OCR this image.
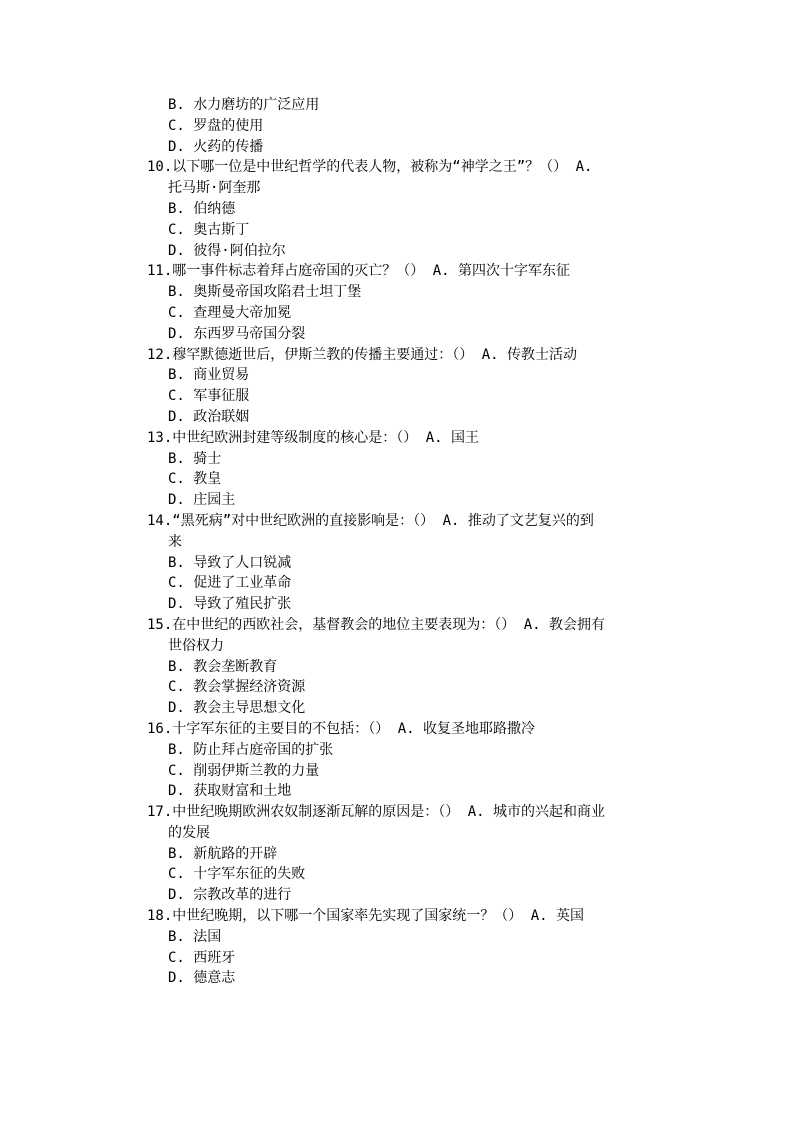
B. 水力磨坊的广泛应用
C. 罗盘的使用
D. 火药的传播
10.以下哪一位是中世纪哲学的代表人物，被称为“神学之王”？（） A.
托马斯·阿奎那
B. 伯纳德
C. 奥古斯丁
D. 彼得·阿伯拉尔
11.哪一事件标志着拜占庭帝国的灭亡？（） A. 第四次十字军东征
B. 奥斯曼帝国攻陷君士坦丁堡
C. 查理曼大帝加冕
D. 东西罗马帝国分裂
12.穆罕默德逝世后，伊斯兰教的传播主要通过：（） A. 传教士活动
B. 商业贸易
C. 军事征服
D. 政治联姻
13.中世纪欧洲封建等级制度的核心是：（） A. 国王
B. 骑士
C. 教皇
D. 庄园主
14.“黑死病”对中世纪欧洲的直接影响是：（） A. 推动了文艺复兴的到
来
B. 导致了人口锐减
C. 促进了工业革命
D. 导致了殖民扩张
15.在中世纪的西欧社会，基督教会的地位主要表现为：（） A. 教会拥有
世俗权力
B. 教会垄断教育
C. 教会掌握经济资源
D. 教会主导思想文化
16.十字军东征的主要目的不包括：（） A. 收复圣地耶路撒冷
B. 防止拜占庭帝国的扩张
C. 削弱伊斯兰教的力量
D. 获取财富和土地
17.中世纪晚期欧洲农奴制逐渐瓦解的原因是：（） A. 城市的兴起和商业
的发展
B. 新航路的开辟
C. 十字军东征的失败
D. 宗教改革的进行
18.中世纪晚期，以下哪一个国家率先实现了国家统一？（） A. 英国
B. 法国
C. 西班牙
D. 德意志
